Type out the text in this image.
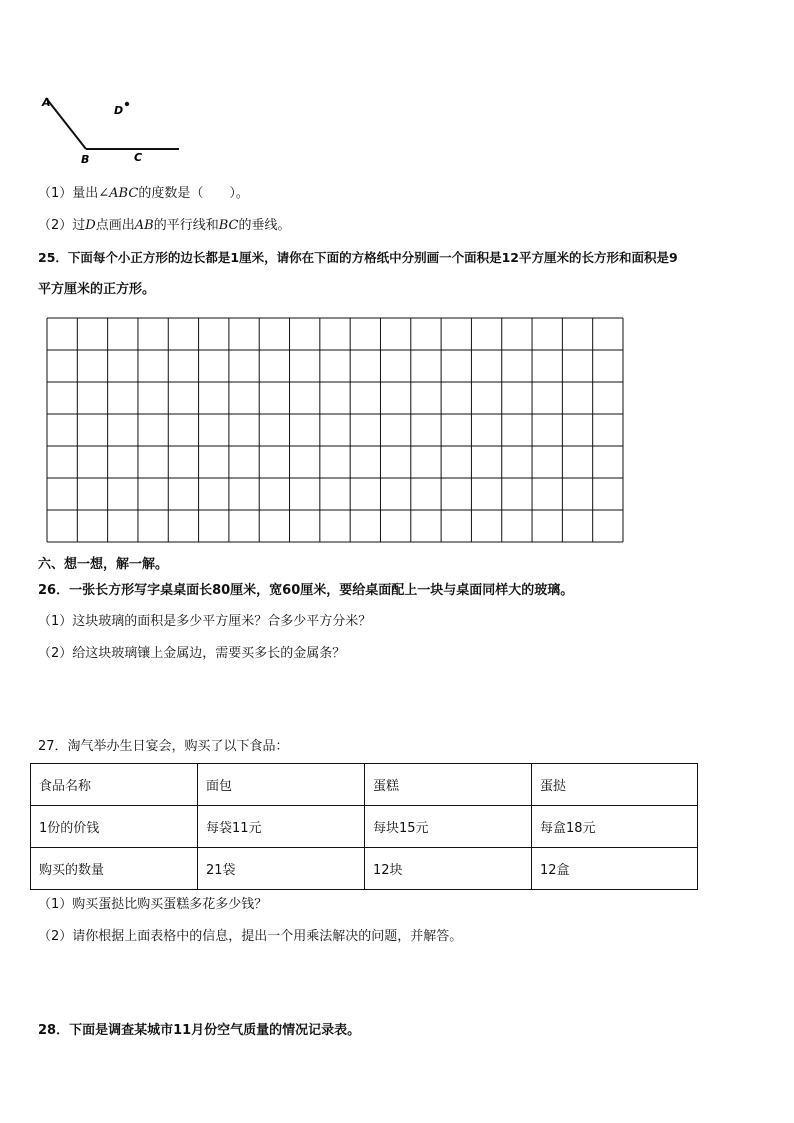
A
B	C
D
（1）量出∠ABC的度数是（　　）。
（2）过D点画出AB的平行线和BC的垂线。
25．下面每个小正方形的边长都是1厘米，请你在下面的方格纸中分别画一个面积是12平方厘米的长方形和面积是9
平方厘米的正方形。
六、想一想，解一解。
26．一张长方形写字桌桌面长80厘米，宽60厘米，要给桌面配上一块与桌面同样大的玻璃。
（1）这块玻璃的面积是多少平方厘米？合多少平方分米？
（2）给这块玻璃镶上金属边，需要买多长的金属条？
27．淘气举办生日宴会，购买了以下食品：
食品名称	面包	蛋糕	蛋挞
1份的价钱	每袋11元	每块15元	每盒18元
购买的数量	21袋	12块	12盒
（1）购买蛋挞比购买蛋糕多花多少钱？
（2）请你根据上面表格中的信息，提出一个用乘法解决的问题，并解答。
28．下面是调查某城市11月份空气质量的情况记录表。
